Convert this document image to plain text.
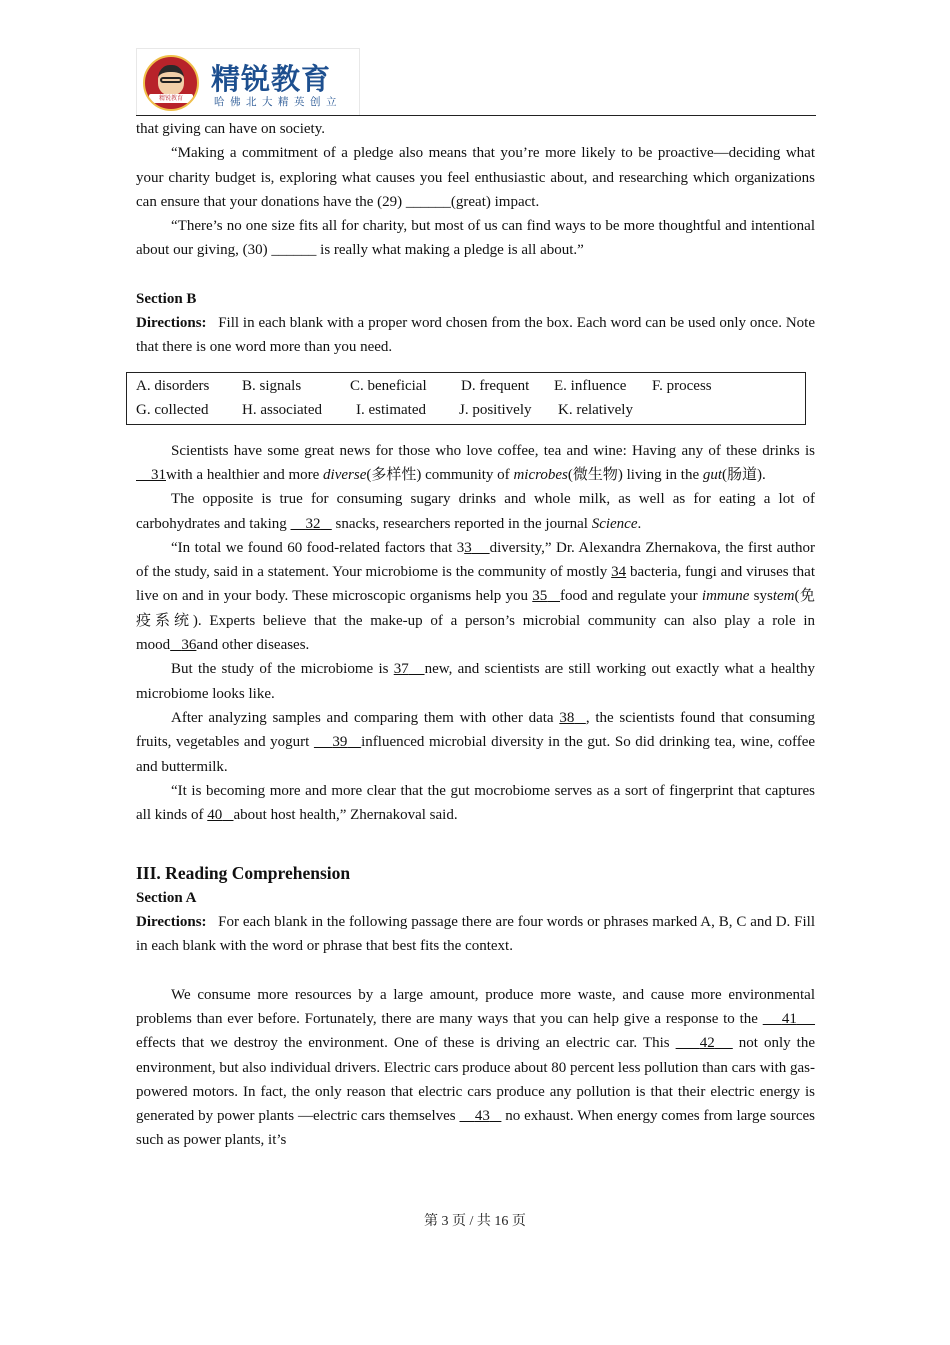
精锐教育
精锐教育
哈佛北大精英创立

that giving can have on society.

“Making a commitment of a pledge also means that you’re more likely to be proactive—deciding what your charity budget is, exploring what causes you feel enthusiastic about, and researching which organizations can ensure that your donations have the (29) ______(great) impact.

“There’s no one size fits all for charity, but most of us can find ways to be more thoughtful and intentional about our giving, (30) ______ is really what making a pledge is all about.”

Section B

Directions: Fill in each blank with a proper word chosen from the box. Each word can be used only once. Note that there is one word more than you need.

A. disorders	B. signals	C. beneficial	D. frequent	E. influence	F. process
G. collected	H. associated	I. estimated	J. positively	K. relatively

Scientists have some great news for those who love coffee, tea and wine: Having any of these drinks is     31with a healthier and more diverse(多样性) community of microbes(微生物) living in the gut(肠道).

The opposite is true for consuming sugary drinks and whole milk, as well as for eating a lot of carbohydrates and taking     32    snacks, researchers reported in the journal Science.

“In total we found 60 food-related factors that 33 diversity,” Dr. Alexandra Zhernakova, the first author of the study, said in a statement. Your microbiome is the community of mostly 34 bacteria, fungi and viruses that live on and in your body. These microscopic organisms help you 35 food and regulate your immune system(免疫系统). Experts believe that the make-up of a person’s microbial community can also play a role in mood 36and other diseases.

But the study of the microbiome is 37 new, and scientists are still working out exactly what a healthy microbiome looks like.

After analyzing samples and comparing them with other data 38 , the scientists found that consuming fruits, vegetables and yogurt     39 influenced microbial diversity in the gut. So did drinking tea, wine, coffee and buttermilk.

“It is becoming more and more clear that the gut mocrobiome serves as a sort of fingerprint that captures all kinds of 40 about host health,” Zhernakoval said.

III. Reading Comprehension

Section A

Directions: For each blank in the following passage there are four words or phrases marked A, B, C and D. Fill in each blank with the word or phrase that best fits the context.

We consume more resources by a large amount, produce more waste, and cause more environmental problems than ever before. Fortunately, there are many ways that you can help give a response to the     41     effects that we destroy the environment. One of these is driving an electric car. This     42    not only the environment, but also individual drivers. Electric cars produce about 80 percent less pollution than cars with gas-powered motors. In fact, the only reason that electric cars produce any pollution is that their electric energy is generated by power plants —electric cars themselves     43    no exhaust. When energy comes from large sources such as power plants, it’s

第 3 页 / 共 16 页
